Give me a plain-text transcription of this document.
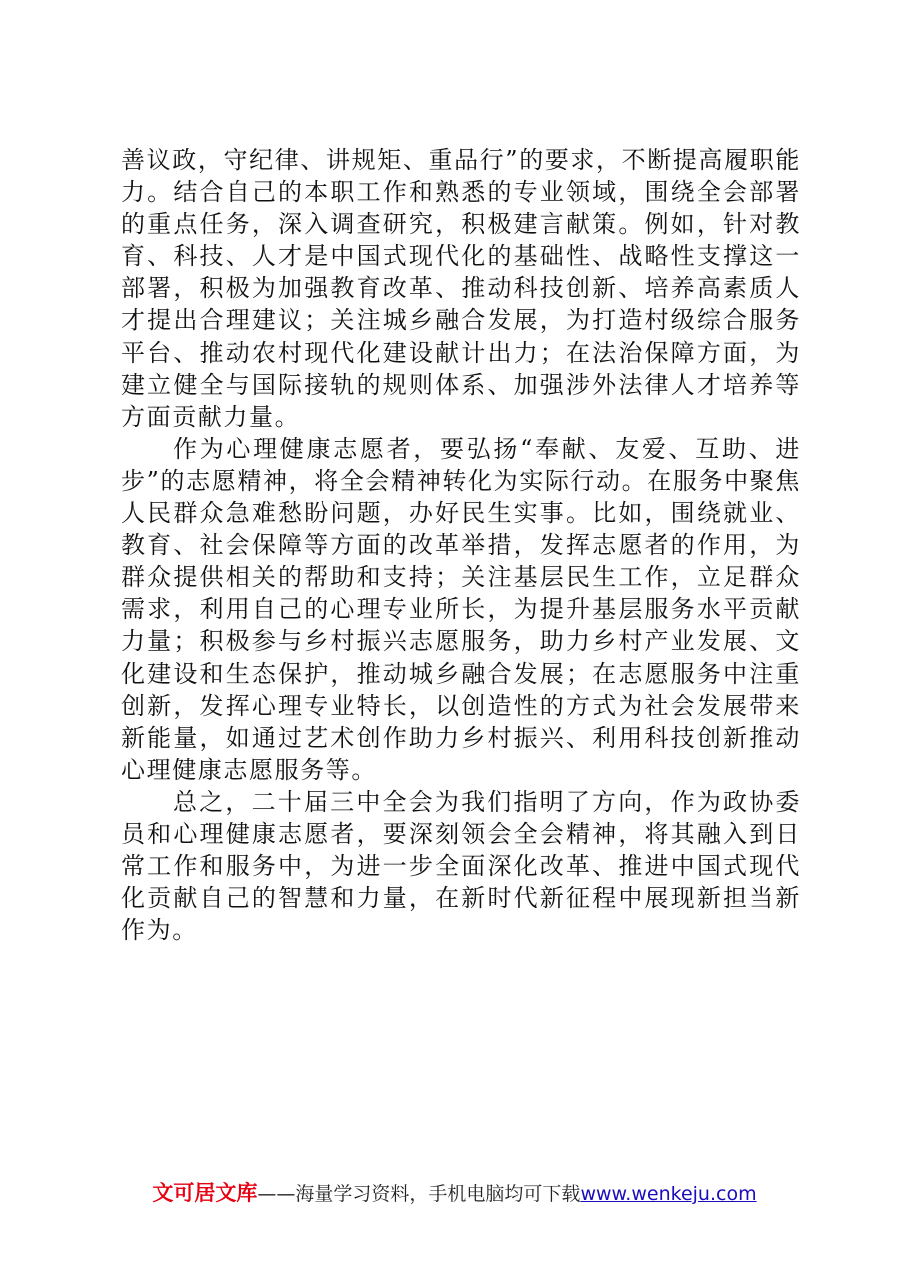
善议政，守纪律、讲规矩、重品行”的要求，不断提高履职能力。结合自己的本职工作和熟悉的专业领域，围绕全会部署的重点任务，深入调查研究，积极建言献策。例如，针对教育、科技、人才是中国式现代化的基础性、战略性支撑这一部署，积极为加强教育改革、推动科技创新、培养高素质人才提出合理建议；关注城乡融合发展，为打造村级综合服务平台、推动农村现代化建设献计出力；在法治保障方面，为建立健全与国际接轨的规则体系、加强涉外法律人才培养等方面贡献力量。

作为心理健康志愿者，要弘扬“奉献、友爱、互助、进步”的志愿精神，将全会精神转化为实际行动。在服务中聚焦人民群众急难愁盼问题，办好民生实事。比如，围绕就业、教育、社会保障等方面的改革举措，发挥志愿者的作用，为群众提供相关的帮助和支持；关注基层民生工作，立足群众需求，利用自己的心理专业所长，为提升基层服务水平贡献力量；积极参与乡村振兴志愿服务，助力乡村产业发展、文化建设和生态保护，推动城乡融合发展；在志愿服务中注重创新，发挥心理专业特长，以创造性的方式为社会发展带来新能量，如通过艺术创作助力乡村振兴、利用科技创新推动心理健康志愿服务等。

总之，二十届三中全会为我们指明了方向，作为政协委员和心理健康志愿者，要深刻领会全会精神，将其融入到日常工作和服务中，为进一步全面深化改革、推进中国式现代化贡献自己的智慧和力量，在新时代新征程中展现新担当新作为。

文可居文库——海量学习资料，手机电脑均可下载www.wenkeju.com
